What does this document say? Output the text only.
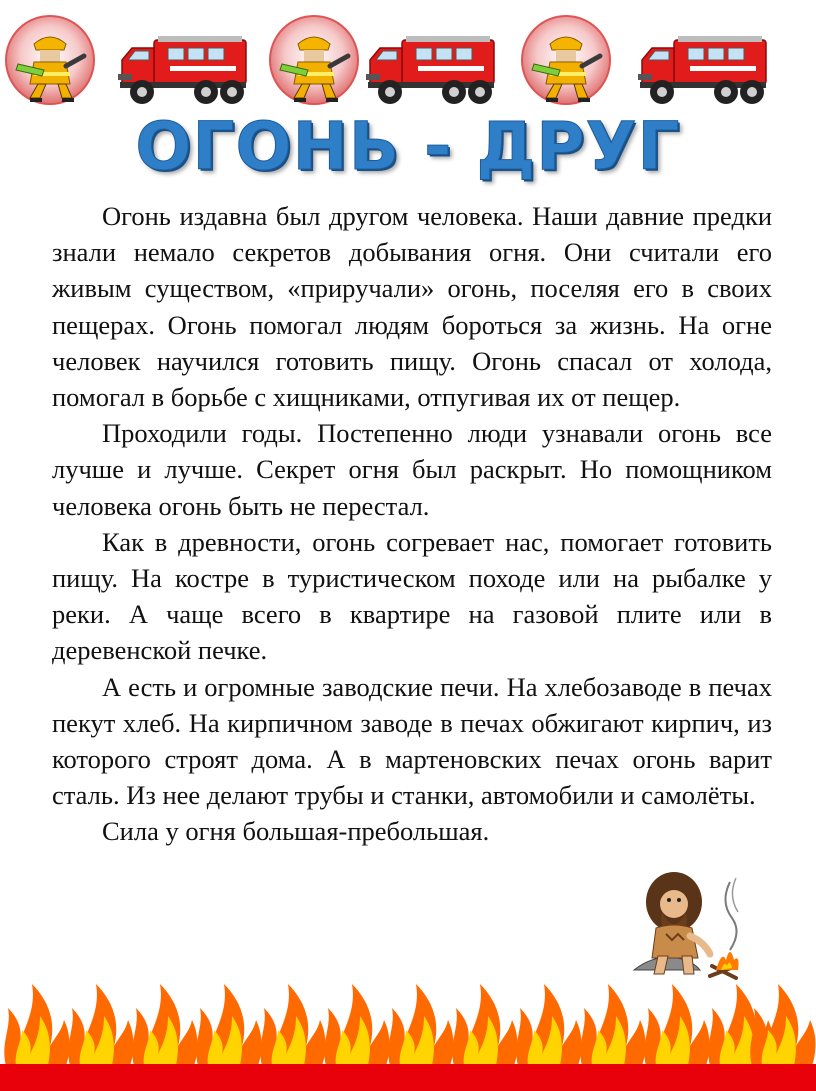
ОГОНЬ - ДРУГ

Огонь издавна был другом человека. Наши давние предки знали немало секретов добывания огня. Они считали его живым существом, «приручали» огонь, поселяя его в своих пещерах. Огонь помогал людям бороться за жизнь. На огне человек научился готовить пищу. Огонь спасал от холода, помогал в борьбе с хищниками, отпугивая их от пещер.

Проходили годы. Постепенно люди узнавали огонь все лучше и лучше. Секрет огня был раскрыт. Но помощником человека огонь быть не перестал.

Как в древности, огонь согревает нас, помогает готовить пищу. На костре в туристическом походе или на рыбалке у реки. А чаще всего в квартире на газовой плите или в деревенской печке.

А есть и огромные заводские печи. На хлебозаводе в печах пекут хлеб. На кирпичном заводе в печах обжигают кирпич, из которого строят дома. А в мартеновских печах огонь варит сталь. Из нее делают трубы и станки, автомобили и самолёты.

Сила у огня большая-пребольшая.
